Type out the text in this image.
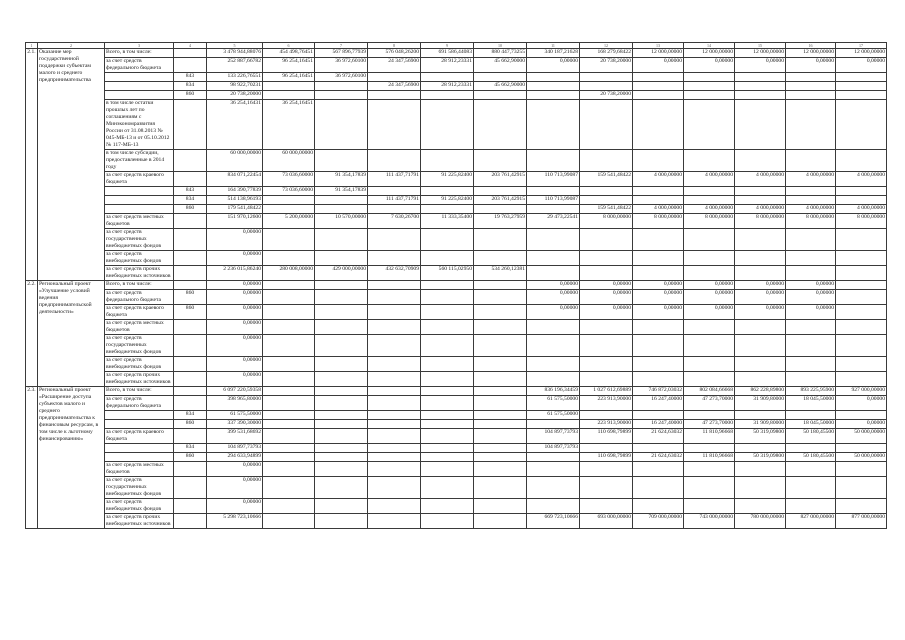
1	2	3	4	5	6	7	8	9	10	11	12	13	14	15	16	17
2.1.	Оказание мер государственной поддержки субъектам малого и среднего предпринимательства	Всего, в том числе:		3 478 944,88076	454 498,76451	567 896,77939	576 048,26200	691 586,44083	880 447,73255	340 187,21628	168 279,68422	12 000,00000	12 000,00000	12 000,00000	12 000,00000	12 000,00000
		за счет средств федерального бюджета		252 887,66782	96 254,16451	36 972,60100	24 347,56900	28 912,23331	45 662,90000	0,00000	20 738,20000	0,00000	0,00000	0,00000	0,00000	0,00000
			843	133 226,76551	96 254,16451	36 972,60100										
			834	98 922,70231			24 347,56900	28 912,23331	45 662,90000							
			860	20 738,20000							20 738,20000					
		в том числе остатки прошлых лет по соглашениям с Минэкономразвития России от 31.08.2013 № 045-МБ-13 и от 05.10.2012 № 117-МБ-13		36 254,16431	36 254,16451											
		в том числе субсидии, предоставленные в 2014 году		60 000,00000	60 000,00000											
		за счет средств краевого бюджета		834 071,22454	73 036,60000	91 354,17839	111 437,71791	91 225,82400	203 761,42915	110 713,99087	159 541,48422	4 000,00000	4 000,00000	4 000,00000	4 000,00000	4 000,00000
			843	164 390,77839	73 036,60000	91 354,17839										
			834	514 138,96193			111 437,71791	91 225,82400	203 761,42915	110 713,99087						
			860	179 541,48422							159 541,48422	4 000,00000	4 000,00000	4 000,00000	4 000,00000	4 000,00000
		за счет средств местных бюджетов		151 970,12600	5 200,00000	10 570,00000	7 630,26700	11 333,35400	19 763,27959	29 473,22541	8 000,00000	8 000,00000	8 000,00000	8 000,00000	8 000,00000	8 000,00000
		за счет средств государственных внебюджетных фондов		0,00000												
		за счет средств внебюджетных фондов		0,00000												
		за счет средств прочих внебюджетных источников		2 236 015,86240	280 008,00000	429 000,00000	432 632,70909	560 115,02950	534 260,12381							
2.2.	Региональный проект «Улучшение условий ведения предпринимательской деятельности»	Всего, в том числе:		0,00000						0,00000	0,00000	0,00000	0,00000	0,00000	0,00000	
		за счет средств федерального бюджета	860	0,00000						0,00000	0,00000	0,00000	0,00000	0,00000	0,00000	
		за счет средств краевого бюджета	860	0,00000						0,00000	0,00000	0,00000	0,00000	0,00000	0,00000	
		за счет средств местных бюджетов		0,00000												
		за счет средств государственных внебюджетных фондов		0,00000												
		за счет средств внебюджетных фондов		0,00000												
		за счет средств прочих внебюджетных источников		0,00000												
2.3.	Региональный проект «Расширение доступа субъектов малого и среднего предпринимательства к финансовым ресурсам, в том числе к льготному финансированию»	Всего, в том числе:		6 097 220,59358						836 196,34459	1 027 612,69889	746 872,03032	802 084,66668	862 228,89800	893 225,95900	927 000,00000
		за счет средств федерального бюджета		398 965,80000						61 575,50000	223 913,90000	16 247,40000	47 273,70000	31 909,80000	18 045,50000	0,00000
			834	61 575,50000						61 575,50000						
			860	337 390,30000							223 913,90000	16 247,40000	47 273,70000	31 909,80000	18 045,50000	0,00000
		за счет средств краевого бюджета		399 531,68692						104 897,73793	110 698,79899	21 624,63032	11 810,96668	50 319,09800	50 180,45500	50 000,00000
			834	104 897,73793						104 897,73793						
			860	294 633,94899							110 698,79899	21 624,63032	11 810,96668	50 319,09800	50 180,45500	50 000,00000
		за счет средств местных бюджетов		0,00000												
		за счет средств государственных внебюджетных фондов		0,00000												
		за счет средств внебюджетных фондов		0,00000												
		за счет средств прочих внебюджетных источников		5 298 723,10666						669 723,10666	693 000,00000	709 000,00000	743 000,00000	780 000,00000	827 000,00000	877 000,00000
